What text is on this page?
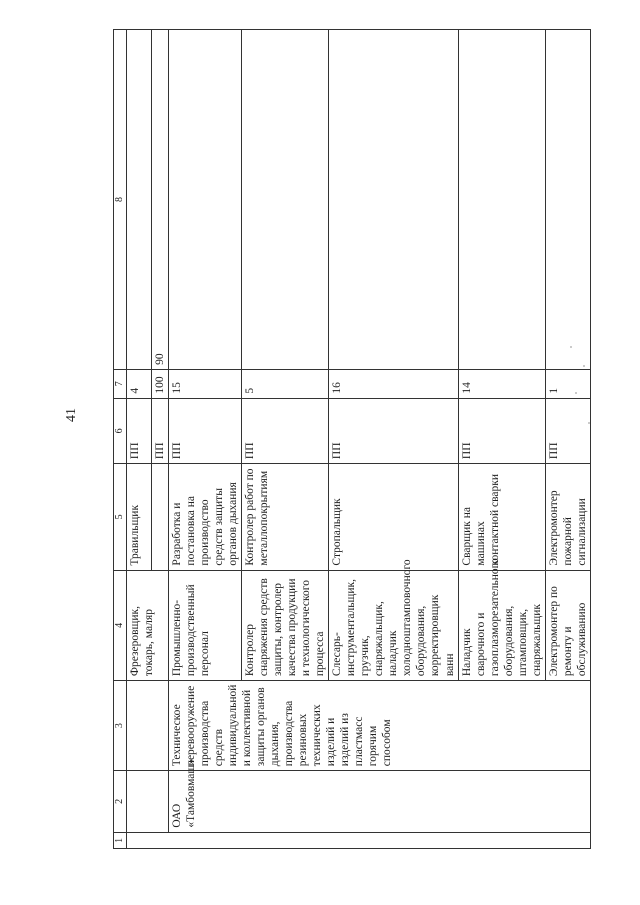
41
1	2	3	4	5	6	7	8
			Фрезеровщик, токарь, маляр	Травильщик	ПП	4	
					ПП	100	90
	ОАО «Тамбовмаш»	Техническое перевооружение производства средств индивидуальной и коллективной защиты органов дыхания, производства резиновых технических изделий и изделий из пластмасс горячим способом	Промышленно-производственный персонал	Разработка и постановка на производство средств защиты органов дыхания	ПП	15	
			Контролер снаряжения средств защиты, контролер качества продукции и технологического процесса	Контролер работ по металлопокрытиям	ПП	5	
			Слесарь-инструментальщик, грузчик, снаряжальщик, наладчик холодноштамповочного оборудования, корректировщик ванн	Стропальщик	ПП	16	
			Наладчик сварочного и газоплазморезательного оборудования, штамповщик, снаряжальщик	Сварщик на машинах контактной сварки	ПП	14	
			Электромонтер по ремонту и обслуживанию	Электромонтер пожарной сигнализации	ПП	1	
